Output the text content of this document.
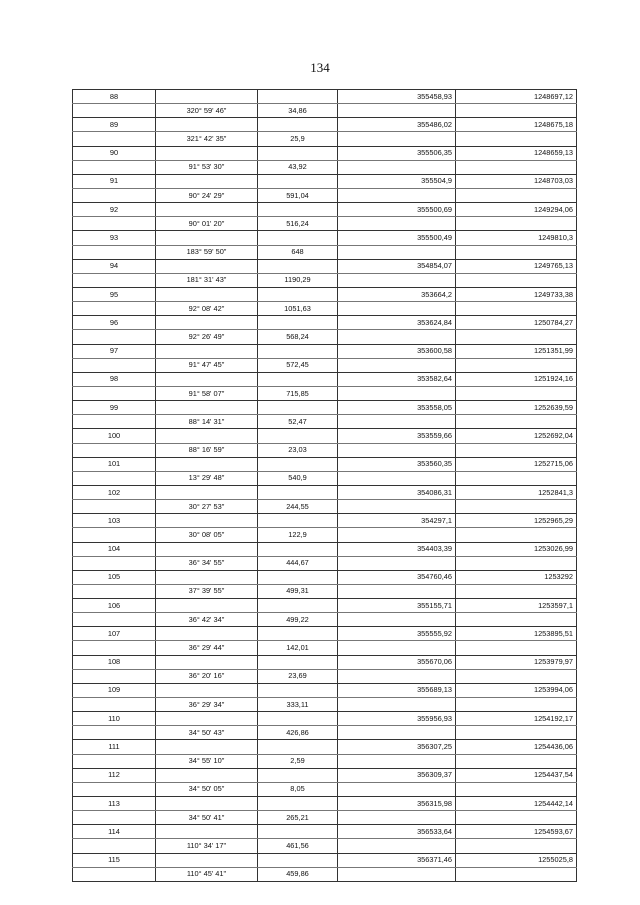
134
88			355458,93	1248697,12
	320° 59' 46"	34,86		
89			355486,02	1248675,18
	321° 42' 35"	25,9		
90			355506,35	1248659,13
	91° 53' 30"	43,92		
91			355504,9	1248703,03
	90° 24' 29"	591,04		
92			355500,69	1249294,06
	90° 01' 20"	516,24		
93			355500,49	1249810,3
	183° 59' 50"	648		
94			354854,07	1249765,13
	181° 31' 43"	1190,29		
95			353664,2	1249733,38
	92° 08' 42"	1051,63		
96			353624,84	1250784,27
	92° 26' 49"	568,24		
97			353600,58	1251351,99
	91° 47' 45"	572,45		
98			353582,64	1251924,16
	91° 58' 07"	715,85		
99			353558,05	1252639,59
	88° 14' 31"	52,47		
100			353559,66	1252692,04
	88° 16' 59"	23,03		
101			353560,35	1252715,06
	13° 29' 48"	540,9		
102			354086,31	1252841,3
	30° 27' 53"	244,55		
103			354297,1	1252965,29
	30° 08' 05"	122,9		
104			354403,39	1253026,99
	36° 34' 55"	444,67		
105			354760,46	1253292
	37° 39' 55"	499,31		
106			355155,71	1253597,1
	36° 42' 34"	499,22		
107			355555,92	1253895,51
	36° 29' 44"	142,01		
108			355670,06	1253979,97
	36° 20' 16"	23,69		
109			355689,13	1253994,06
	36° 29' 34"	333,11		
110			355956,93	1254192,17
	34° 50' 43"	426,86		
111			356307,25	1254436,06
	34° 55' 10"	2,59		
112			356309,37	1254437,54
	34° 50' 05"	8,05		
113			356315,98	1254442,14
	34° 50' 41"	265,21		
114			356533,64	1254593,67
	110° 34' 17"	461,56		
115			356371,46	1255025,8
	110° 45' 41"	459,86		
